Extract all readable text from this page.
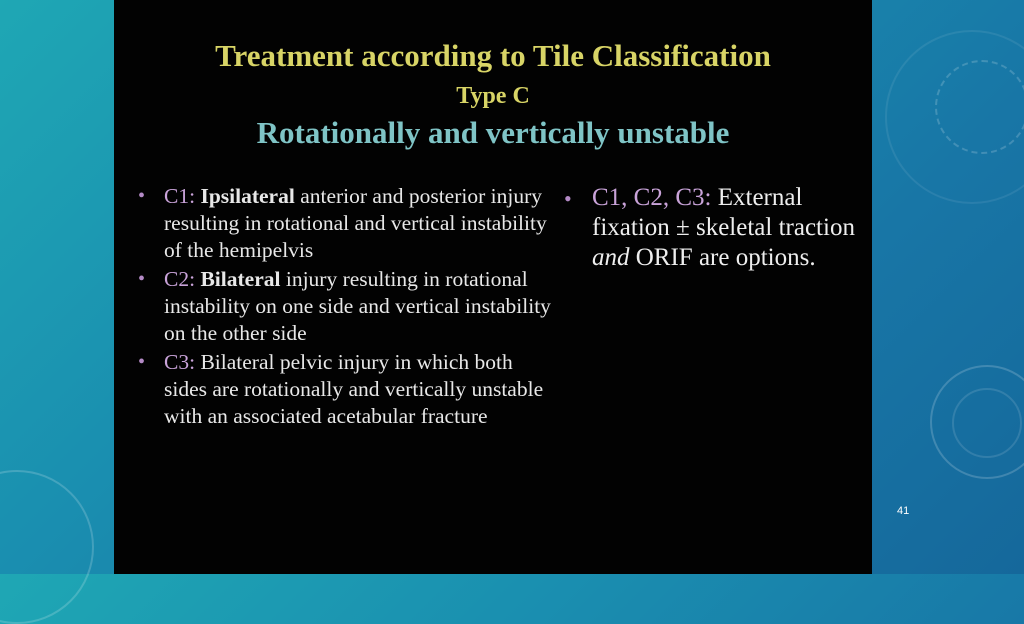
Treatment according to Tile Classification
Type C
Rotationally and vertically unstable
• C1: Ipsilateral anterior and posterior injury resulting in rotational and vertical instability of the hemipelvis
• C2: Bilateral injury resulting in rotational instability on one side and vertical instability on the other side
• C3: Bilateral pelvic injury in which both sides are rotationally and vertically unstable with an associated acetabular fracture
• C1, C2, C3: External fixation ± skeletal traction and ORIF are options.
41
